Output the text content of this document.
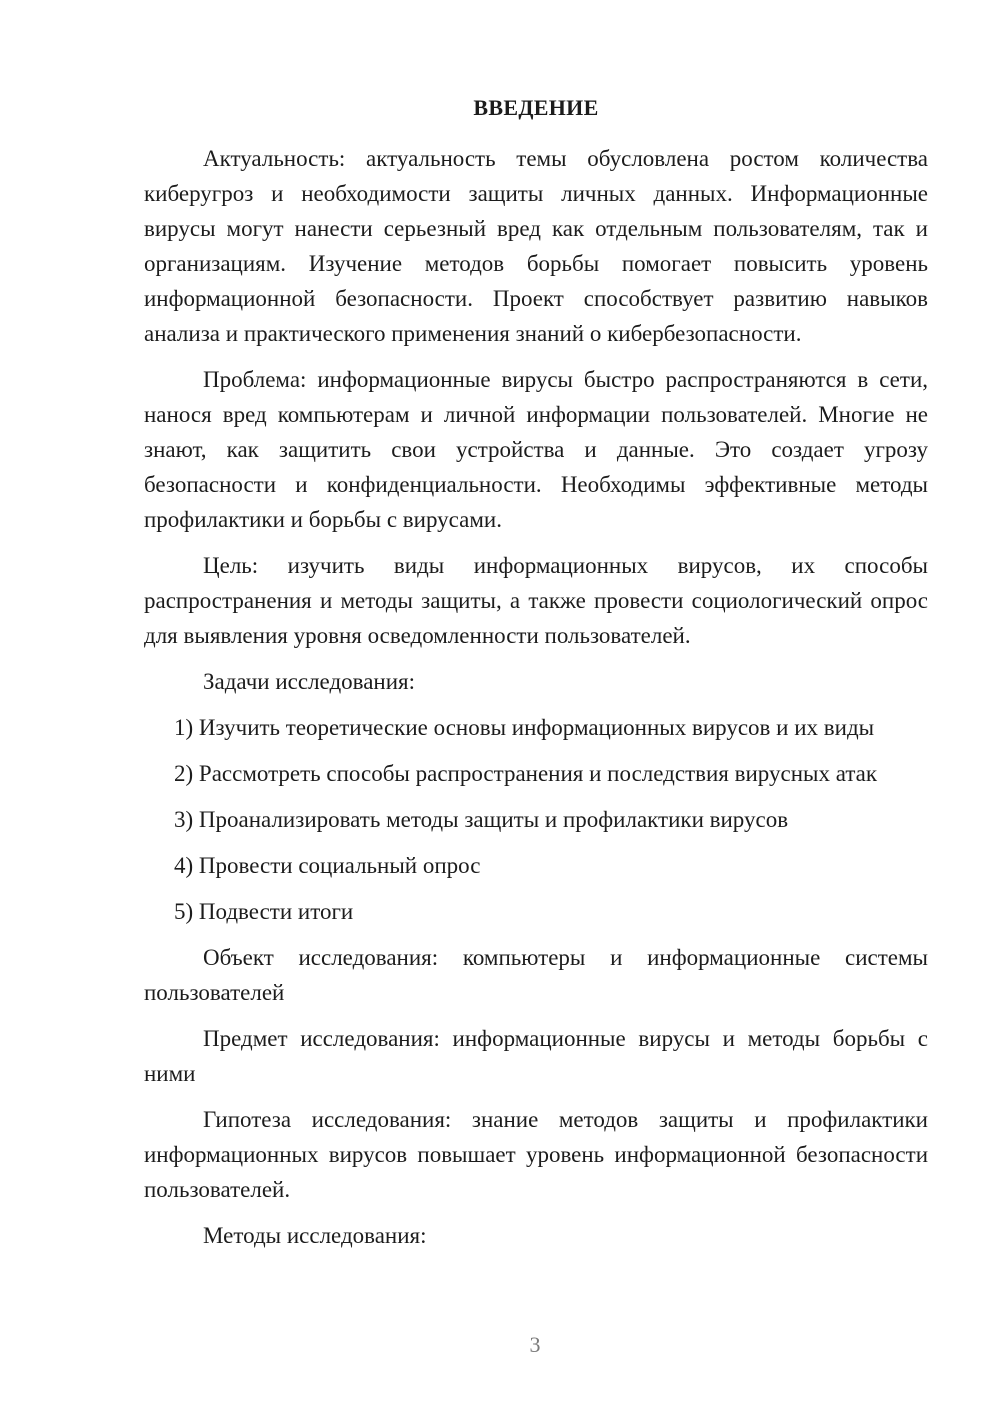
ВВЕДЕНИЕ

Актуальность: актуальность темы обусловлена ростом количества киберугроз и необходимости защиты личных данных. Информационные вирусы могут нанести серьезный вред как отдельным пользователям, так и организациям. Изучение методов борьбы помогает повысить уровень информационной безопасности. Проект способствует развитию навыков анализа и практического применения знаний о кибербезопасности.

Проблема: информационные вирусы быстро распространяются в сети, нанося вред компьютерам и личной информации пользователей. Многие не знают, как защитить свои устройства и данные. Это создает угрозу безопасности и конфиденциальности. Необходимы эффективные методы профилактики и борьбы с вирусами.

Цель: изучить виды информационных вирусов, их способы распространения и методы защиты, а также провести социологический опрос для выявления уровня осведомленности пользователей.

Задачи исследования:

1) Изучить теоретические основы информационных вирусов и их виды

2) Рассмотреть способы распространения и последствия вирусных атак

3) Проанализировать методы защиты и профилактики вирусов

4) Провести социальный опрос

5) Подвести итоги

Объект исследования: компьютеры и информационные системы пользователей

Предмет исследования: информационные вирусы и методы борьбы с ними

Гипотеза исследования: знание методов защиты и профилактики информационных вирусов повышает уровень информационной безопасности пользователей.

Методы исследования:

3
